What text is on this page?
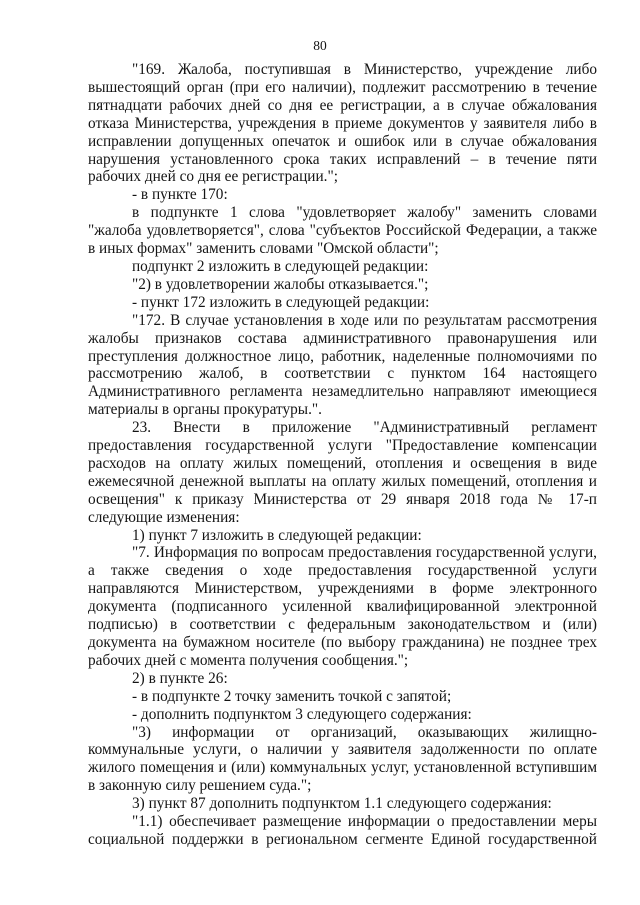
80

"169. Жалоба, поступившая в Министерство, учреждение либо вышестоящий орган (при его наличии), подлежит рассмотрению в течение пятнадцати рабочих дней со дня ее регистрации, а в случае обжалования отказа Министерства, учреждения в приеме документов у заявителя либо в исправлении допущенных опечаток и ошибок или в случае обжалования нарушения установленного срока таких исправлений – в течение пяти рабочих дней со дня ее регистрации.";

- в пункте 170:

в подпункте 1 слова "удовлетворяет жалобу" заменить словами "жалоба удовлетворяется", слова "субъектов Российской Федерации, а также в иных формах" заменить словами "Омской области";

подпункт 2 изложить в следующей редакции:

"2) в удовлетворении жалобы отказывается.";

- пункт 172 изложить в следующей редакции:

"172. В случае установления в ходе или по результатам рассмотрения жалобы признаков состава административного правонарушения или преступления должностное лицо, работник, наделенные полномочиями по рассмотрению жалоб, в соответствии с пунктом 164 настоящего Административного регламента незамедлительно направляют имеющиеся материалы в органы прокуратуры.".

23. Внести в приложение "Административный регламент предоставления государственной услуги "Предоставление компенсации расходов на оплату жилых помещений, отопления и освещения в виде ежемесячной денежной выплаты на оплату жилых помещений, отопления и освещения" к приказу Министерства от 29 января 2018 года № 17-п следующие изменения:

1) пункт 7 изложить в следующей редакции:

"7. Информация по вопросам предоставления государственной услуги, а также сведения о ходе предоставления государственной услуги направляются Министерством, учреждениями в форме электронного документа (подписанного усиленной квалифицированной электронной подписью) в соответствии с федеральным законодательством и (или) документа на бумажном носителе (по выбору гражданина) не позднее трех рабочих дней с момента получения сообщения.";

2) в пункте 26:

- в подпункте 2 точку заменить точкой с запятой;

- дополнить подпунктом 3 следующего содержания:

"3) информации от организаций, оказывающих жилищно-коммунальные услуги, о наличии у заявителя задолженности по оплате жилого помещения и (или) коммунальных услуг, установленной вступившим в законную силу решением суда.";

3) пункт 87 дополнить подпунктом 1.1 следующего содержания:

"1.1) обеспечивает размещение информации о предоставлении меры социальной поддержки в региональном сегменте Единой государственной
